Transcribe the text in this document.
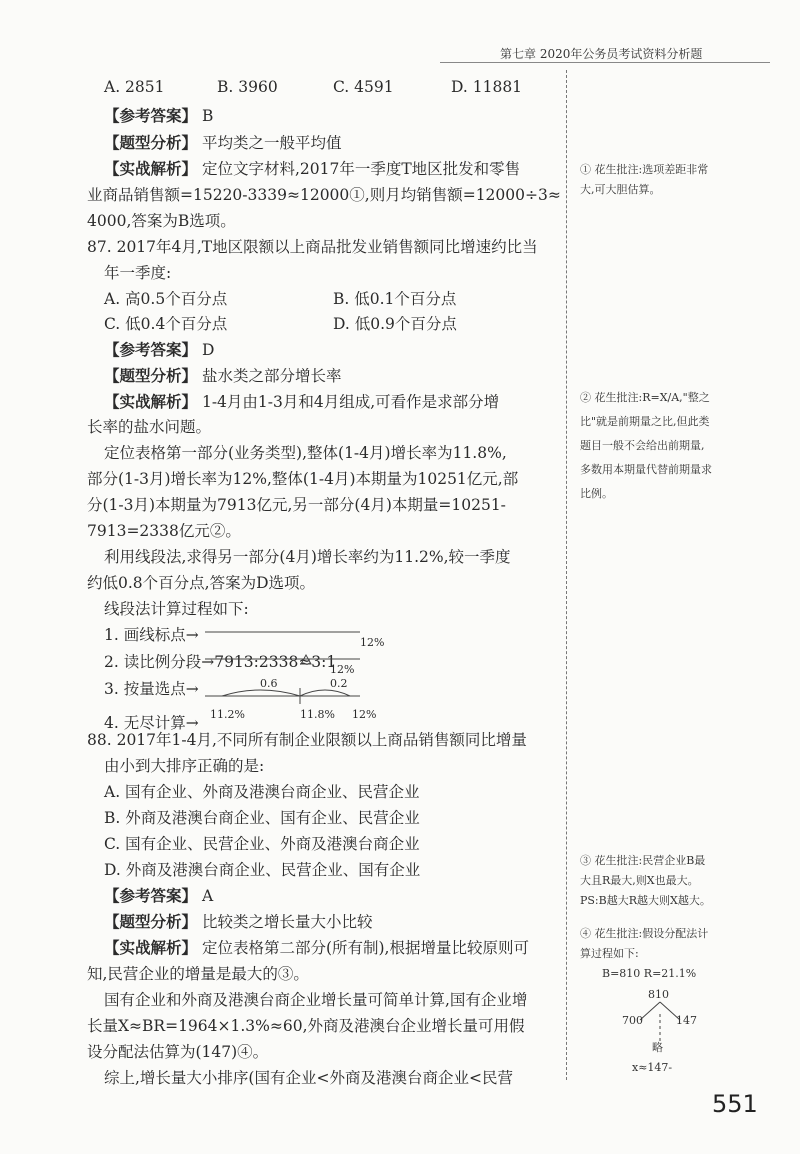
第七章 2020年公务员考试资料分析题
A. 2851	B. 3960	C. 4591	D. 11881
【参考答案】 B
【题型分析】 平均类之一般平均值
【实战解析】 定位文字材料,2017年一季度T地区批发和零售
业商品销售额=15220-3339≈12000①,则月均销售额=12000÷3≈
4000,答案为B选项。
87. 2017年4月,T地区限额以上商品批发业销售额同比增速约比当
年一季度:
A. 高0.5个百分点	B. 低0.1个百分点
C. 低0.4个百分点	D. 低0.9个百分点
【参考答案】 D
【题型分析】 盐水类之部分增长率
【实战解析】 1-4月由1-3月和4月组成,可看作是求部分增
长率的盐水问题。
定位表格第一部分(业务类型),整体(1-4月)增长率为11.8%,
部分(1-3月)增长率为12%,整体(1-4月)本期量为10251亿元,部
分(1-3月)本期量为7913亿元,另一部分(4月)本期量=10251-
7913=2338亿元②。
利用线段法,求得另一部分(4月)增长率约为11.2%,较一季度
约低0.8个百分点,答案为D选项。
线段法计算过程如下:
1. 画线标点→
2. 读比例分段→7913:2338≈3:1
3. 按量选点→
4. 无尽计算→
12%
12%
0.6	0.2
11.2%	11.8% 12%
88. 2017年1-4月,不同所有制企业限额以上商品销售额同比增量
由小到大排序正确的是:
A. 国有企业、外商及港澳台商企业、民营企业
B. 外商及港澳台商企业、国有企业、民营企业
C. 国有企业、民营企业、外商及港澳台商企业
D. 外商及港澳台商企业、民营企业、国有企业
【参考答案】 A
【题型分析】 比较类之增长量大小比较
【实战解析】 定位表格第二部分(所有制),根据增量比较原则可
知,民营企业的增量是最大的③。
国有企业和外商及港澳台商企业增长量可简单计算,国有企业增
长量X≈BR=1964×1.3%≈60,外商及港澳台企业增长量可用假
设分配法估算为(147)④。
综上,增长量大小排序(国有企业<外商及港澳台商企业<民营
① 花生批注:选项差距非常
大,可大胆估算。
② 花生批注:R=X/A,"整之
比"就是前期量之比,但此类
题目一般不会给出前期量,
多数用本期量代替前期量求
比例。
③ 花生批注:民营企业B最
大且R最大,则X也最大。
PS:B越大R越大则X越大。
④ 花生批注:假设分配法计
算过程如下:
B=810 R=21.1%
810
700	147
略
x≈147-
551
